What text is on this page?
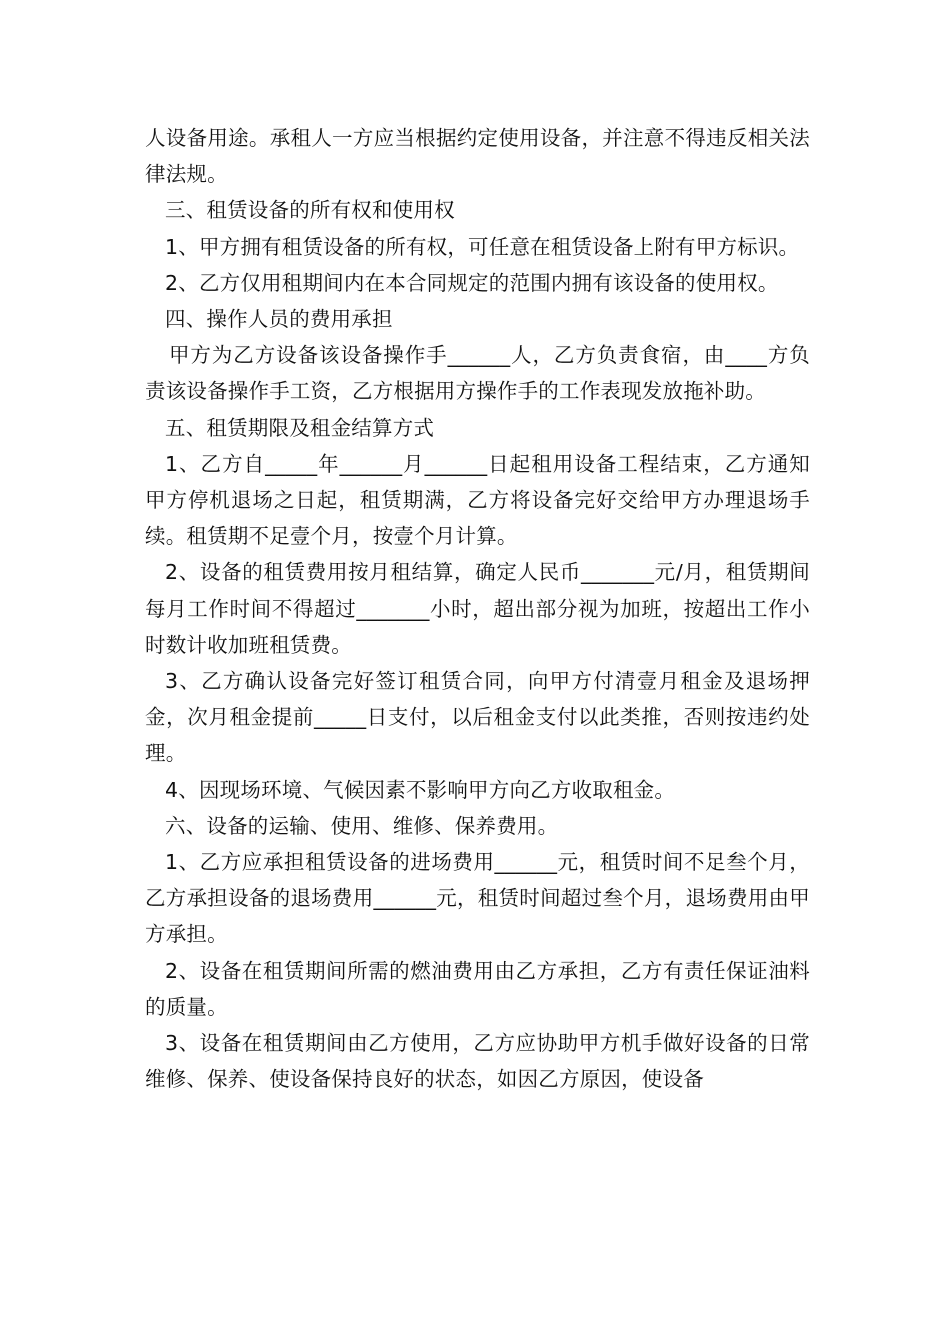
人设备用途。承租人一方应当根据约定使用设备，并注意不得违反相关法律法规。

三、租赁设备的所有权和使用权

1、甲方拥有租赁设备的所有权，可任意在租赁设备上附有甲方标识。

2、乙方仅用租期间内在本合同规定的范围内拥有该设备的使用权。

四、操作人员的费用承担

甲方为乙方设备该设备操作手______人，乙方负责食宿，由____方负责该设备操作手工资，乙方根据用方操作手的工作表现发放拖补助。

五、租赁期限及租金结算方式

1、乙方自_____年______月______日起租用设备工程结束，乙方通知甲方停机退场之日起，租赁期满，乙方将设备完好交给甲方办理退场手续。租赁期不足壹个月，按壹个月计算。

2、设备的租赁费用按月租结算，确定人民币_______元/月，租赁期间每月工作时间不得超过_______小时，超出部分视为加班，按超出工作小时数计收加班租赁费。

3、乙方确认设备完好签订租赁合同，向甲方付清壹月租金及退场押金，次月租金提前_____日支付，以后租金支付以此类推，否则按违约处理。

4、因现场环境、气候因素不影响甲方向乙方收取租金。

六、设备的运输、使用、维修、保养费用。

1、乙方应承担租赁设备的进场费用______元，租赁时间不足叁个月，乙方承担设备的退场费用______元，租赁时间超过叁个月，退场费用由甲方承担。

2、设备在租赁期间所需的燃油费用由乙方承担，乙方有责任保证油料的质量。

3、设备在租赁期间由乙方使用，乙方应协助甲方机手做好设备的日常维修、保养、使设备保持良好的状态，如因乙方原因，使设备
